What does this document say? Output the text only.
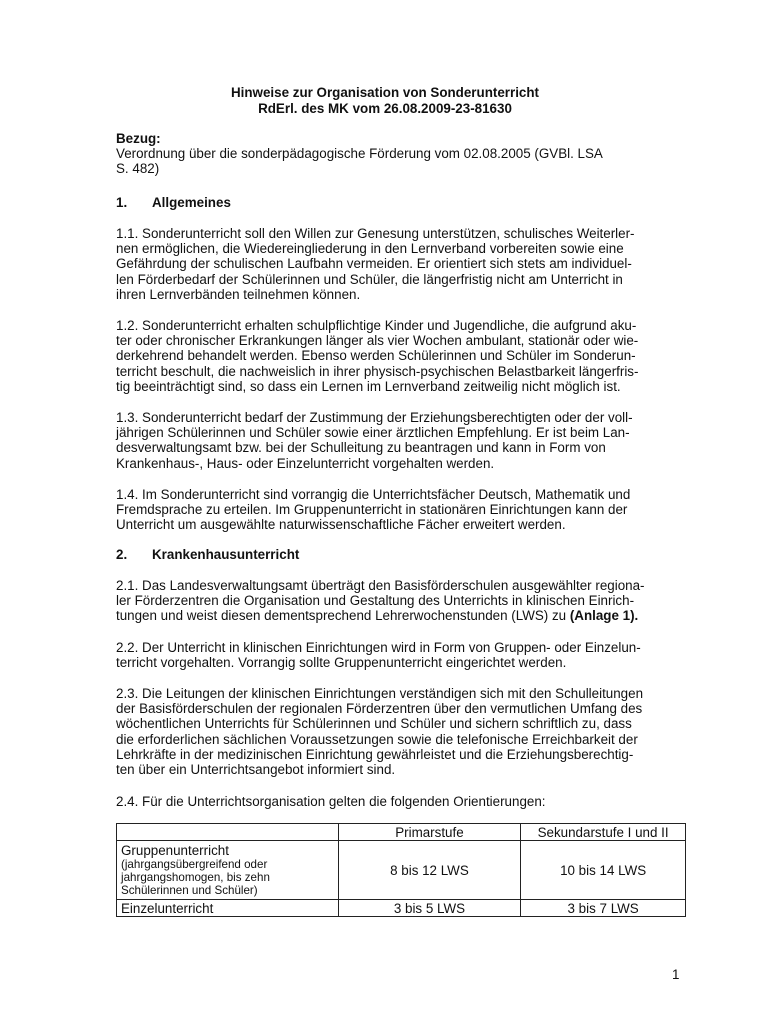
Hinweise zur Organisation von Sonderunterricht
RdErl. des MK vom 26.08.2009-23-81630
Bezug:
Verordnung über die sonderpädagogische Förderung vom 02.08.2005 (GVBl. LSA
S. 482)
1. Allgemeines
1.1. Sonderunterricht soll den Willen zur Genesung unterstützen, schulisches Weiterler-
nen ermöglichen, die Wiedereingliederung in den Lernverband vorbereiten sowie eine
Gefährdung der schulischen Laufbahn vermeiden. Er orientiert sich stets am individuel-
len Förderbedarf der Schülerinnen und Schüler, die längerfristig nicht am Unterricht in
ihren Lernverbänden teilnehmen können.
1.2. Sonderunterricht erhalten schulpflichtige Kinder und Jugendliche, die aufgrund aku-
ter oder chronischer Erkrankungen länger als vier Wochen ambulant, stationär oder wie-
derkehrend behandelt werden. Ebenso werden Schülerinnen und Schüler im Sonderun-
terricht beschult, die nachweislich in ihrer physisch-psychischen Belastbarkeit längerfris-
tig beeinträchtigt sind, so dass ein Lernen im Lernverband zeitweilig nicht möglich ist.
1.3. Sonderunterricht bedarf der Zustimmung der Erziehungsberechtigten oder der voll-
jährigen Schülerinnen und Schüler sowie einer ärztlichen Empfehlung. Er ist beim Lan-
desverwaltungsamt bzw. bei der Schulleitung zu beantragen und kann in Form von
Krankenhaus-, Haus- oder Einzelunterricht vorgehalten werden.
1.4. Im Sonderunterricht sind vorrangig die Unterrichtsfächer Deutsch, Mathematik und
Fremdsprache zu erteilen. Im Gruppenunterricht in stationären Einrichtungen kann der
Unterricht um ausgewählte naturwissenschaftliche Fächer erweitert werden.
2. Krankenhausunterricht
2.1. Das Landesverwaltungsamt überträgt den Basisförderschulen ausgewählter regiona-
ler Förderzentren die Organisation und Gestaltung des Unterrichts in klinischen Einrich-
tungen und weist diesen dementsprechend Lehrerwochenstunden (LWS) zu (Anlage 1).
2.2. Der Unterricht in klinischen Einrichtungen wird in Form von Gruppen- oder Einzelun-
terricht vorgehalten. Vorrangig sollte Gruppenunterricht eingerichtet werden.
2.3. Die Leitungen der klinischen Einrichtungen verständigen sich mit den Schulleitungen
der Basisförderschulen der regionalen Förderzentren über den vermutlichen Umfang des
wöchentlichen Unterrichts für Schülerinnen und Schüler und sichern schriftlich zu, dass
die erforderlichen sächlichen Voraussetzungen sowie die telefonische Erreichbarkeit der
Lehrkräfte in der medizinischen Einrichtung gewährleistet und die Erziehungsberechtig-
ten über ein Unterrichtsangebot informiert sind.
2.4. Für die Unterrichtsorganisation gelten die folgenden Orientierungen:
	Primarstufe	Sekundarstufe I und II

Gruppenunterricht
(jahrgangsübergreifend oder
jahrgangshomogen, bis zehn
Schülerinnen und Schüler)	8 bis 12 LWS	10 bis 14 LWS
Einzelunterricht	3 bis 5 LWS	3 bis 7 LWS
1
